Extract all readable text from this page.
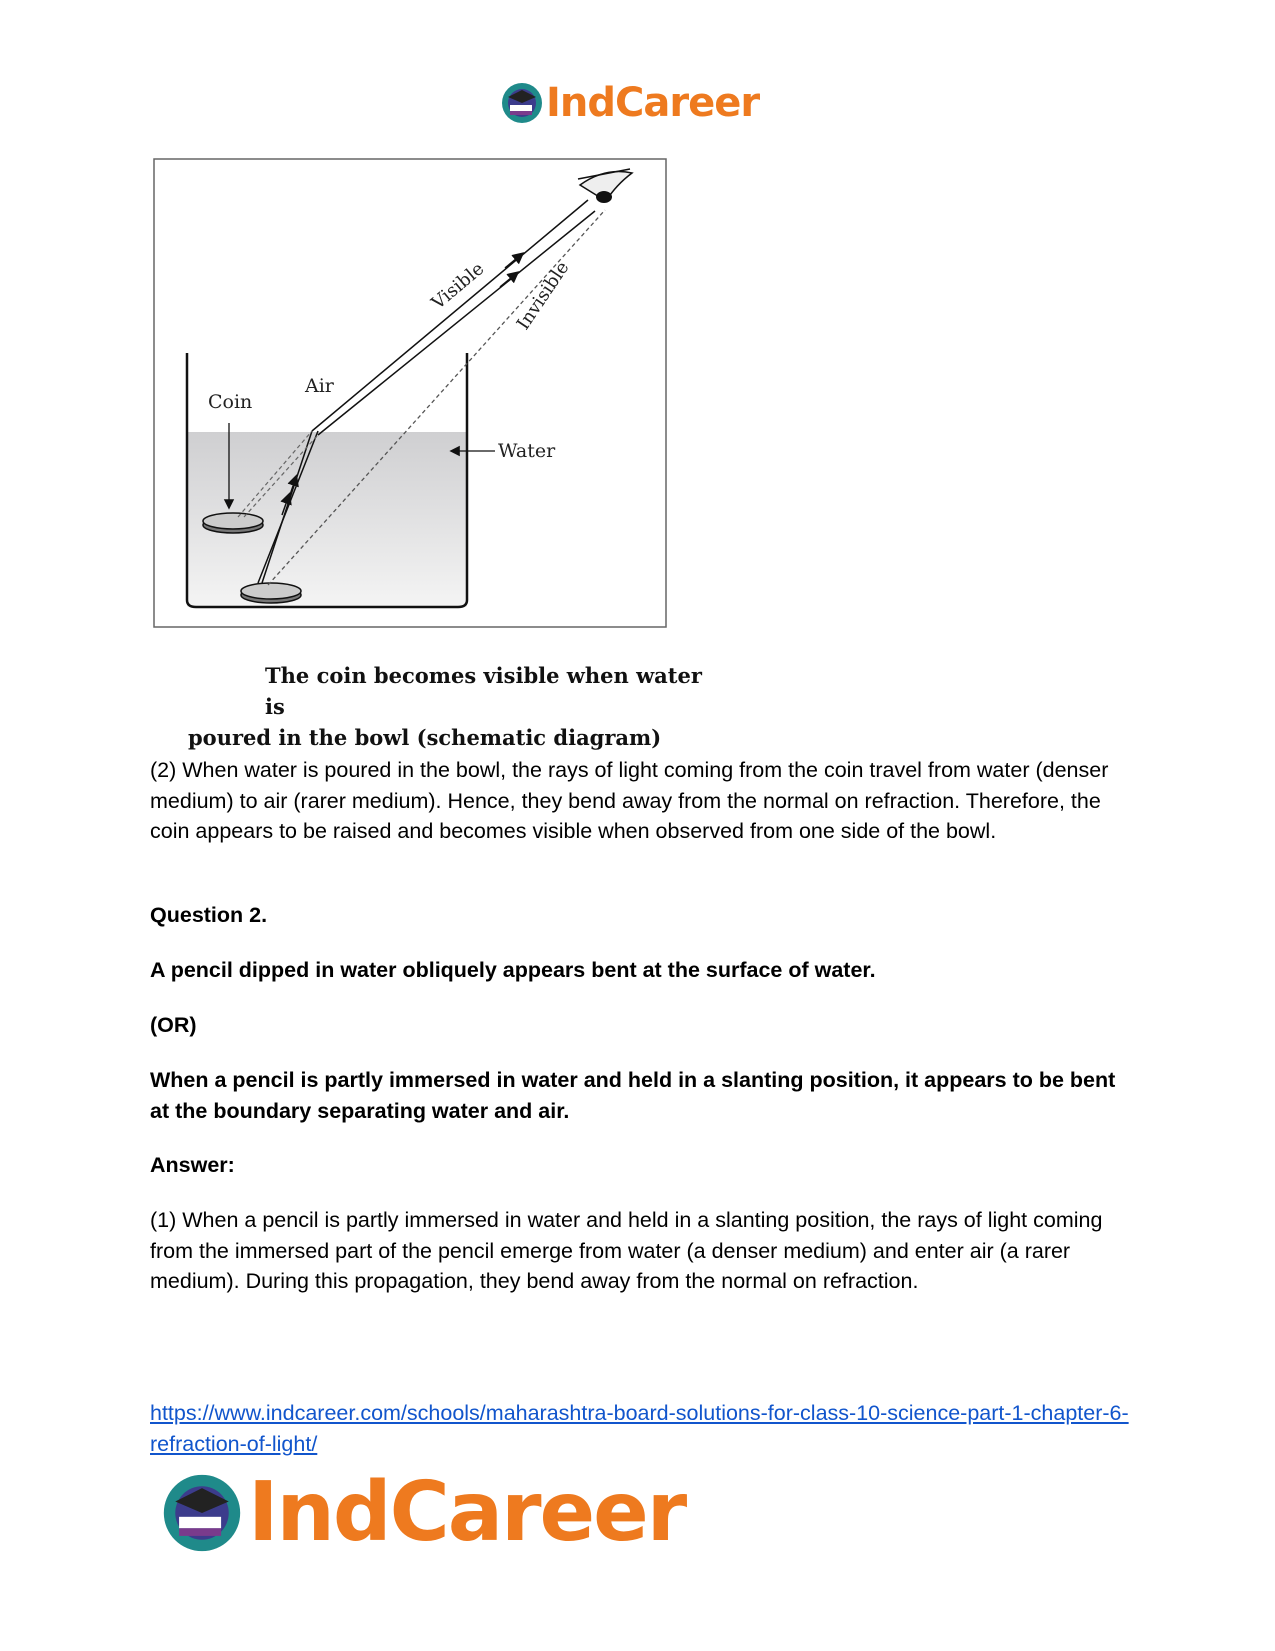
IndCareer
Visible Invisible
Coin
Air
Water
The coin becomes visible when water is
poured in the bowl (schematic diagram)

(2) When water is poured in the bowl, the rays of light coming from the coin travel from water (denser medium) to air (rarer medium). Hence, they bend away from the normal on refraction. Therefore, the coin appears to be raised and becomes visible when observed from one side of the bowl.

Question 2.

A pencil dipped in water obliquely appears bent at the surface of water.

(OR)

When a pencil is partly immersed in water and held in a slanting position, it appears to be bent at the boundary separating water and air.

Answer:

(1) When a pencil is partly immersed in water and held in a slanting position, the rays of light coming from the immersed part of the pencil emerge from water (a denser medium) and enter air (a rarer medium). During this propagation, they bend away from the normal on refraction.

https://www.indcareer.com/schools/maharashtra-board-solutions-for-class-10-science-part-1-chapter-6-refraction-of-light/
IndCareer
